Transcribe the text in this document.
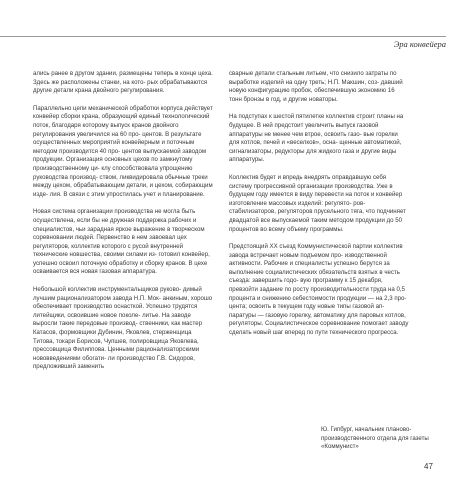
Эра конвейера

ались ранее в другом здании, размещены теперь в конце цеха. Здесь же расположены станки, на кото- рых обрабатываются другие детали крана двойного регулирования.

Параллельно цепи механической обработки корпуса действует конвейер сборки крана, образующий единый технологический поток, благодаря которому выпуск кранов двойного регулирования увеличился на 60 про- центов. В результате осуществленных мероприятий конвейерным и поточным методом производится 40 про- центов выпускаемой заводом продукции. Организация основных цехов по замкнутому производственному ци- клу способствовала упрощению руководства производ- ством, ликвидировала обычные треки между цехом, обрабатывающим детали, и цехом, собирающим изде- лия. В связи с этим упростилась учет и планирование.

Новая система организации производства не могла быть осуществлена, если бы не дружная поддержка рабочих и специалистов, чьи зарадная яркое выражение в творческом соревновании людей. Первенство в нем завоевал цех регуляторов, коллектив которого с русой внутренней технические новшества, своими силами из- готовил конвейер, успешно освоил поточную обработку и сборку кранов. В цехе осваивается вся новая газовая аппаратура.

Небольшой коллектив инструментальщиков руково- димый лучшим рационализатором завода Н.П. Мок- анкиным, хорошо обеспечивает производство оснасткой. Успешно трудятся литейщики, освоившие новое поколе- литье. На заводе выросли такие передовые производ- ственники, как мастер Катасов, формовщики Дубинин, Яковлев, стерженщица Титова, токари Борисов, Чупшев, полировщица Яковлева, прессовщица Филиппова. Ценными рационализаторскими нововведениями обогати- ли производство Г.В. Сидоров, предложивший заменить

сварные детали стальным литьем, что снизило затраты по выработке изделий на одну треть; Н.П. Макшин, соз- давший новую конфигурацию пробок, обеспечившую экономию 16 тонн бронзы в год, и другие новаторы.

На подступах к шестой пятилетке коллектив строит планы на будущее. В ней предстоит увеличить выпуск газовой аппаратуры не менее чем втрое, освоить газо- вые горелки для котлов, печей и «веселков», осна- щенные автоматикой, сигнализаторы, редукторы для жидкого газа и другие виды аппаратуры.

Коллектив будет и впредь внедрять оправдавшую себя систему прогрессивной организации производства. Уже в будущем году имеется в виду перевести на поток и конвейер изготовление массовых изделий: регулято- ров-стабилизаторов, регуляторов прусельного тяга, что подчиняет двадцатой все выпускаемой таким методом продукции до 50 процентов во всему объему программы.

Предстоящий XX съезд Коммунистической партии коллектив завода встречает новым подъемом про- изводственной активности. Рабочие и специалисты успешно берутся за выполнение социалистических обязательств взятых в честь съезда: завершить годо- вую программу к 15 декабря, превзойти задание по росту производительности труда на 0,5 процента и снижению себестоимости продукции — на 2,3 про- цента; освоить в текущем году новые типы газовой ап- паратуры — газовую горелку, автоматику для паровых котлов, регуляторы. Социалистическое соревнование помогает заводу сделать новый шаг вперед по пути технического прогресса.

Ю. Гипбург, начальник планово- производственного отдела для газеты «Коммунист»
47
